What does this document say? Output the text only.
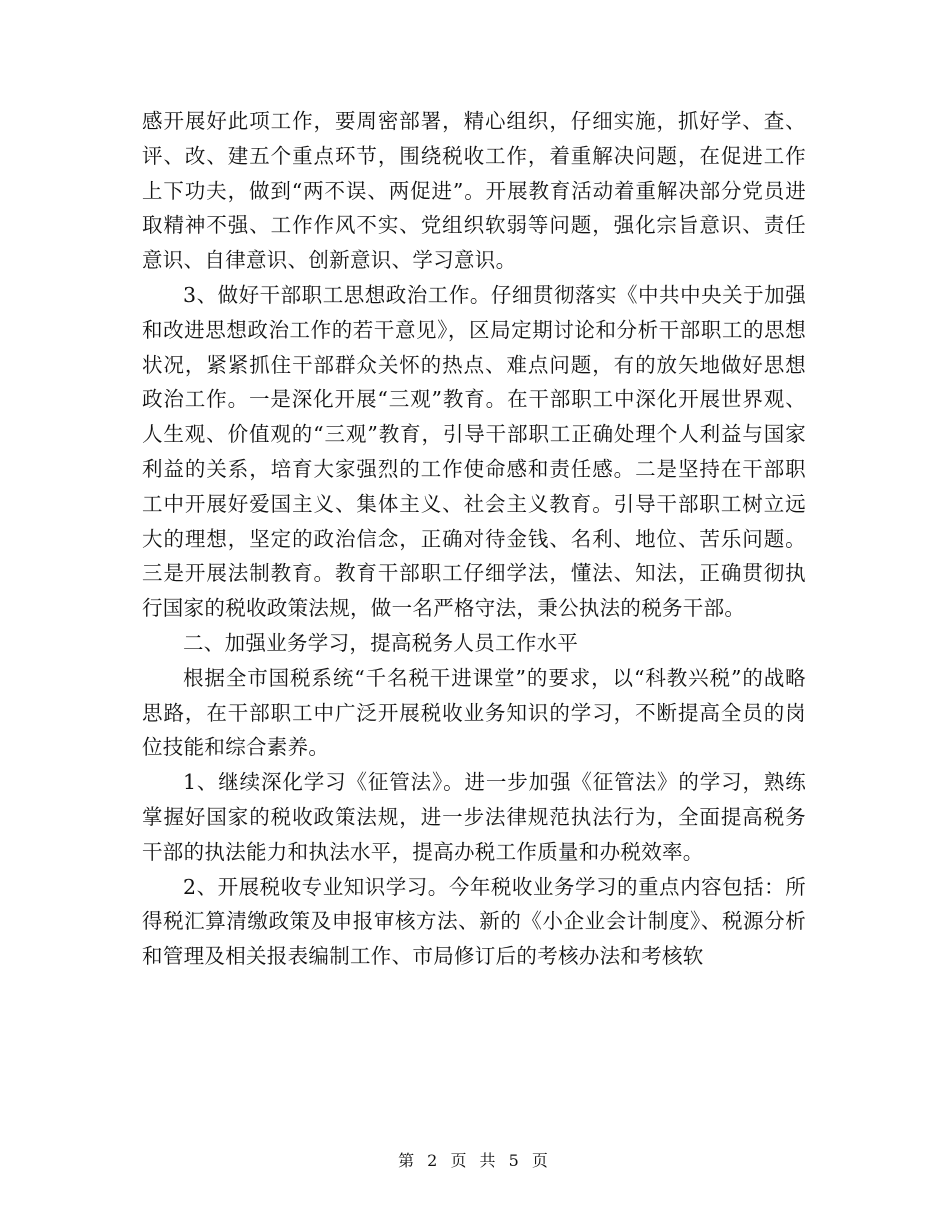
感开展好此项工作，要周密部署，精心组织，仔细实施，抓好学、查、评、改、建五个重点环节，围绕税收工作，着重解决问题，在促进工作上下功夫，做到“两不误、两促进”。开展教育活动着重解决部分党员进取精神不强、工作作风不实、党组织软弱等问题，强化宗旨意识、责任意识、自律意识、创新意识、学习意识。

3、做好干部职工思想政治工作。仔细贯彻落实《中共中央关于加强和改进思想政治工作的若干意见》，区局定期讨论和分析干部职工的思想状况，紧紧抓住干部群众关怀的热点、难点问题，有的放矢地做好思想政治工作。一是深化开展“三观”教育。在干部职工中深化开展世界观、人生观、价值观的“三观”教育，引导干部职工正确处理个人利益与国家利益的关系，培育大家强烈的工作使命感和责任感。二是坚持在干部职工中开展好爱国主义、集体主义、社会主义教育。引导干部职工树立远大的理想，坚定的政治信念，正确对待金钱、名利、地位、苦乐问题。三是开展法制教育。教育干部职工仔细学法，懂法、知法，正确贯彻执行国家的税收政策法规，做一名严格守法，秉公执法的税务干部。

二、加强业务学习，提高税务人员工作水平

根据全市国税系统“千名税干进课堂”的要求，以“科教兴税”的战略思路，在干部职工中广泛开展税收业务知识的学习，不断提高全员的岗位技能和综合素养。

1、继续深化学习《征管法》。进一步加强《征管法》的学习，熟练掌握好国家的税收政策法规，进一步法律规范执法行为，全面提高税务干部的执法能力和执法水平，提高办税工作质量和办税效率。

2、开展税收专业知识学习。今年税收业务学习的重点内容包括：所得税汇算清缴政策及申报审核方法、新的《小企业会计制度》、税源分析和管理及相关报表编制工作、市局修订后的考核办法和考核软

第 2 页 共 5 页
